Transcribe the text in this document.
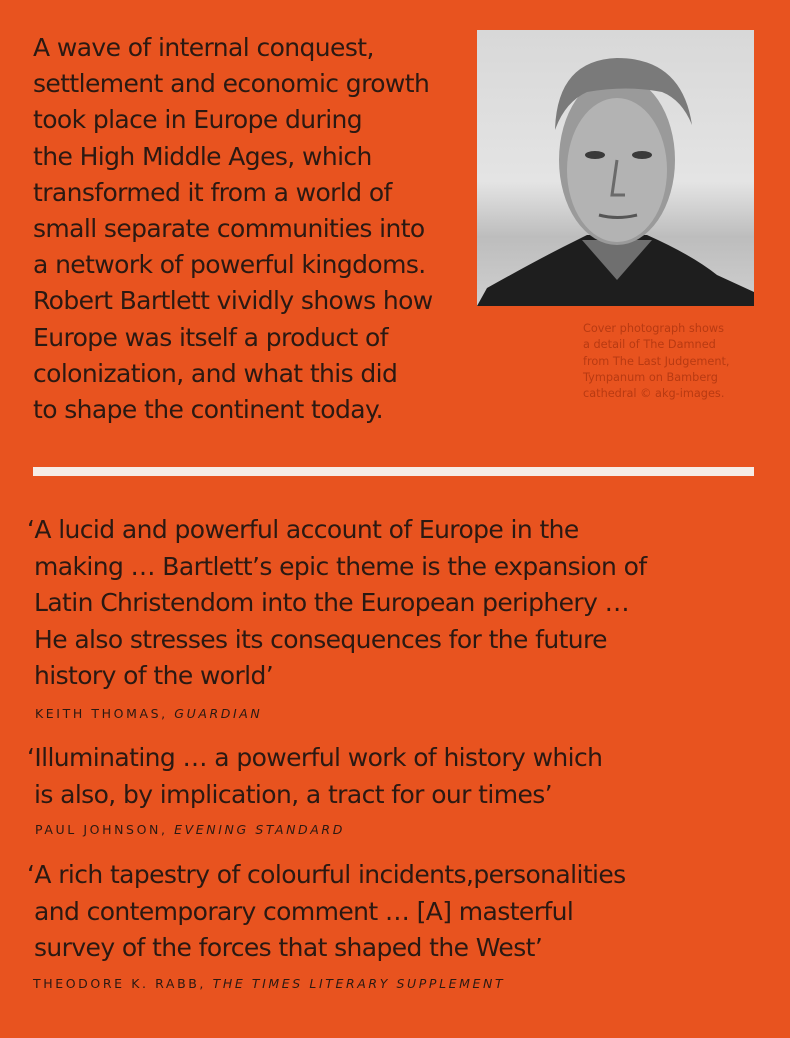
A wave of internal conquest,
settlement and economic growth
took place in Europe during
the High Middle Ages, which
transformed it from a world of
small separate communities into
a network of powerful kingdoms.
Robert Bartlett vividly shows how
Europe was itself a product of
colonization, and what this did
to shape the continent today.
Cover photograph shows
a detail of The Damned
from The Last Judgement,
Tympanum on Bamberg
cathedral © akg-images.
‘A lucid and powerful account of Europe in the
making … Bartlett’s epic theme is the expansion of
Latin Christendom into the European periphery …
He also stresses its consequences for the future
history of the world’
KEITH THOMAS, GUARDIAN
‘Illuminating … a powerful work of history which
is also, by implication, a tract for our times’
PAUL JOHNSON, EVENING STANDARD
‘A rich tapestry of colourful incidents,personalities
and contemporary comment … [A] masterful
survey of the forces that shaped the West’
THEODORE K. RABB, THE TIMES LITERARY SUPPLEMENT
